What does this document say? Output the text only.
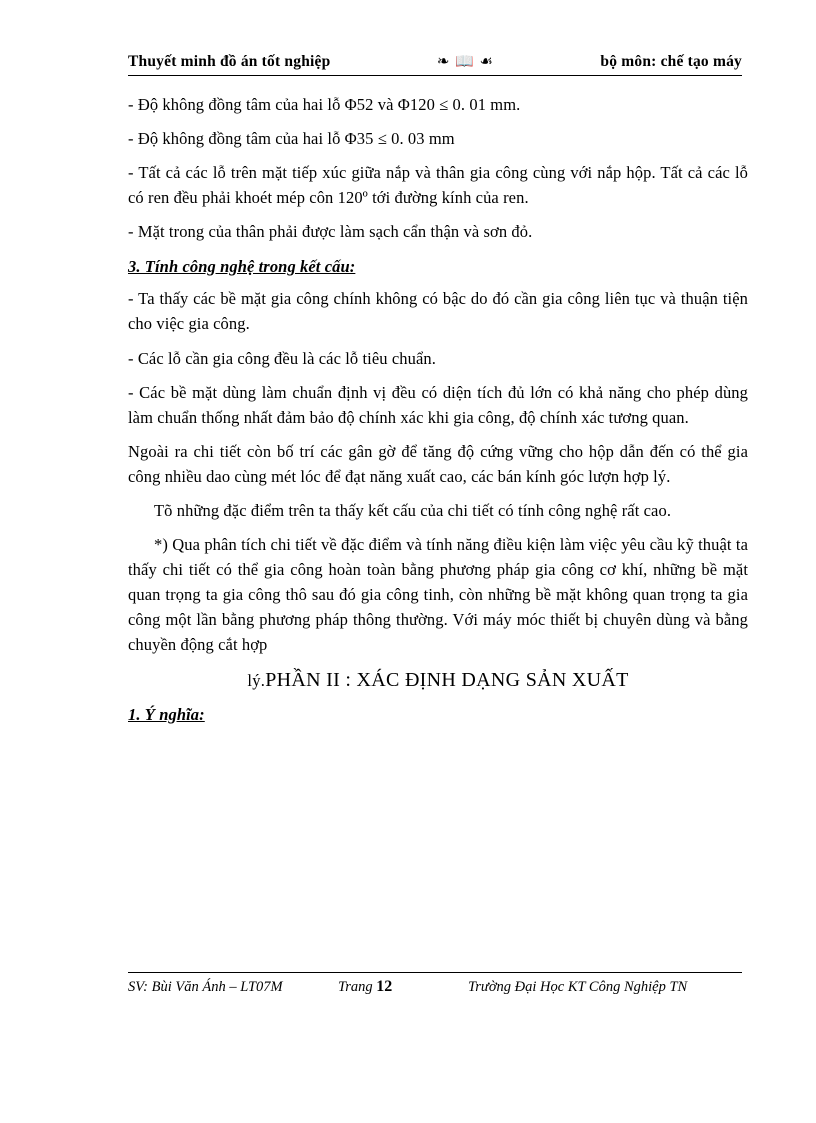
Thuyết minh đồ án tốt nghiệp	❧ 📖 ☙	bộ môn: chế tạo máy

- Độ không đồng tâm của hai lỗ Φ52 và Φ120 ≤ 0. 01 mm.

- Độ không đồng tâm của hai lỗ Φ35 ≤ 0. 03 mm

- Tất cả các lỗ trên mặt tiếp xúc giữa nắp và thân gia công cùng với nắp hộp. Tất cả các lỗ có ren đều phải khoét mép côn 120º tới đường kính của ren.

- Mặt trong của thân phải được làm sạch cẩn thận và sơn đỏ.

3. Tính công nghệ trong kết cấu:

- Ta thấy các bề mặt gia công chính không có bậc do đó cần gia công liên tục và thuận tiện cho việc gia công.

- Các lỗ cần gia công đều là các lỗ tiêu chuẩn.

- Các bề mặt dùng làm chuẩn định vị đều có diện tích đủ lớn có khả năng cho phép dùng làm chuẩn thống nhất đảm bảo độ chính xác khi gia công, độ chính xác tương quan.

Ngoài ra chi tiết còn bố trí các gân gờ để tăng độ cứng vững cho hộp dẫn đến có thể gia công nhiều dao cùng mét lóc để đạt năng xuất cao, các bán kính góc lượn hợp lý.

Tõ những đặc điểm trên ta thấy kết cấu của chi tiết có tính công nghệ rất cao.

*) Qua phân tích chi tiết về đặc điểm và tính năng điều kiện làm việc yêu cầu kỹ thuật ta thấy chi tiết có thể gia công hoàn toàn bằng phương pháp gia công cơ khí, những bề mặt quan trọng ta gia công thô sau đó gia công tinh, còn những bề mặt không quan trọng ta gia công một lần bằng phương pháp thông thường. Với máy móc thiết bị chuyên dùng và bằng chuyền động cắt hợp

lý.PHẦN II : XÁC ĐỊNH DẠNG SẢN XUẤT

1. Ý nghĩa:

SV: Bùi Văn Ánh – LT07M	Trang 12	Trường Đại Học KT Công Nghiệp TN
